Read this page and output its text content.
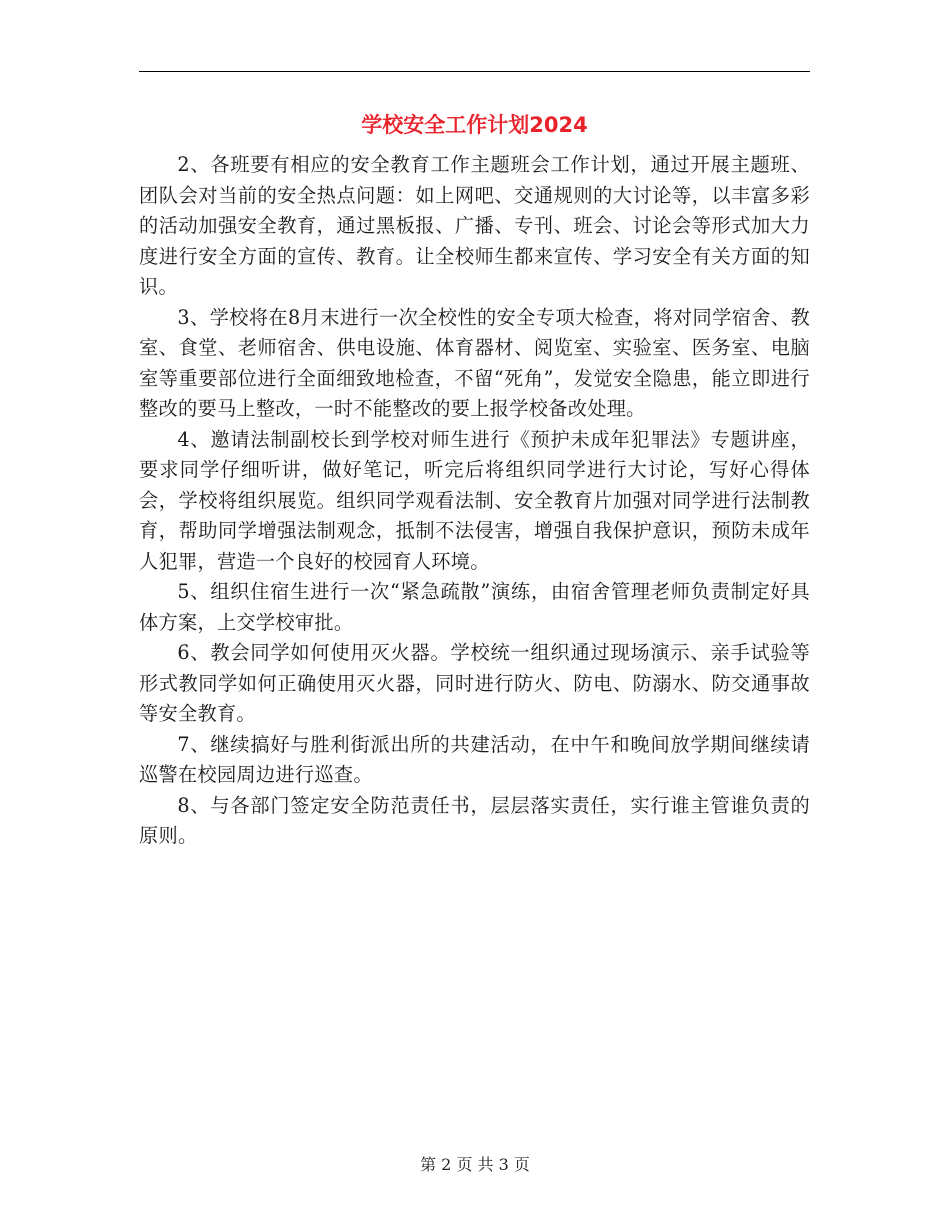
学校安全工作计划2024

2、各班要有相应的安全教育工作主题班会工作计划，通过开展主题班、团队会对当前的安全热点问题：如上网吧、交通规则的大讨论等，以丰富多彩的活动加强安全教育，通过黑板报、广播、专刊、班会、讨论会等形式加大力度进行安全方面的宣传、教育。让全校师生都来宣传、学习安全有关方面的知识。

3、学校将在8月末进行一次全校性的安全专项大检查，将对同学宿舍、教室、食堂、老师宿舍、供电设施、体育器材、阅览室、实验室、医务室、电脑室等重要部位进行全面细致地检查，不留“死角”，发觉安全隐患，能立即进行整改的要马上整改，一时不能整改的要上报学校备改处理。

4、邀请法制副校长到学校对师生进行《预护未成年犯罪法》专题讲座，要求同学仔细听讲，做好笔记，听完后将组织同学进行大讨论，写好心得体会，学校将组织展览。组织同学观看法制、安全教育片加强对同学进行法制教育，帮助同学增强法制观念，抵制不法侵害，增强自我保护意识，预防未成年人犯罪，营造一个良好的校园育人环境。

5、组织住宿生进行一次“紧急疏散”演练，由宿舍管理老师负责制定好具体方案，上交学校审批。

6、教会同学如何使用灭火器。学校统一组织通过现场演示、亲手试验等形式教同学如何正确使用灭火器，同时进行防火、防电、防溺水、防交通事故等安全教育。

7、继续搞好与胜利街派出所的共建活动，在中午和晚间放学期间继续请巡警在校园周边进行巡查。

8、与各部门签定安全防范责任书，层层落实责任，实行谁主管谁负责的原则。

第 2 页 共 3 页
